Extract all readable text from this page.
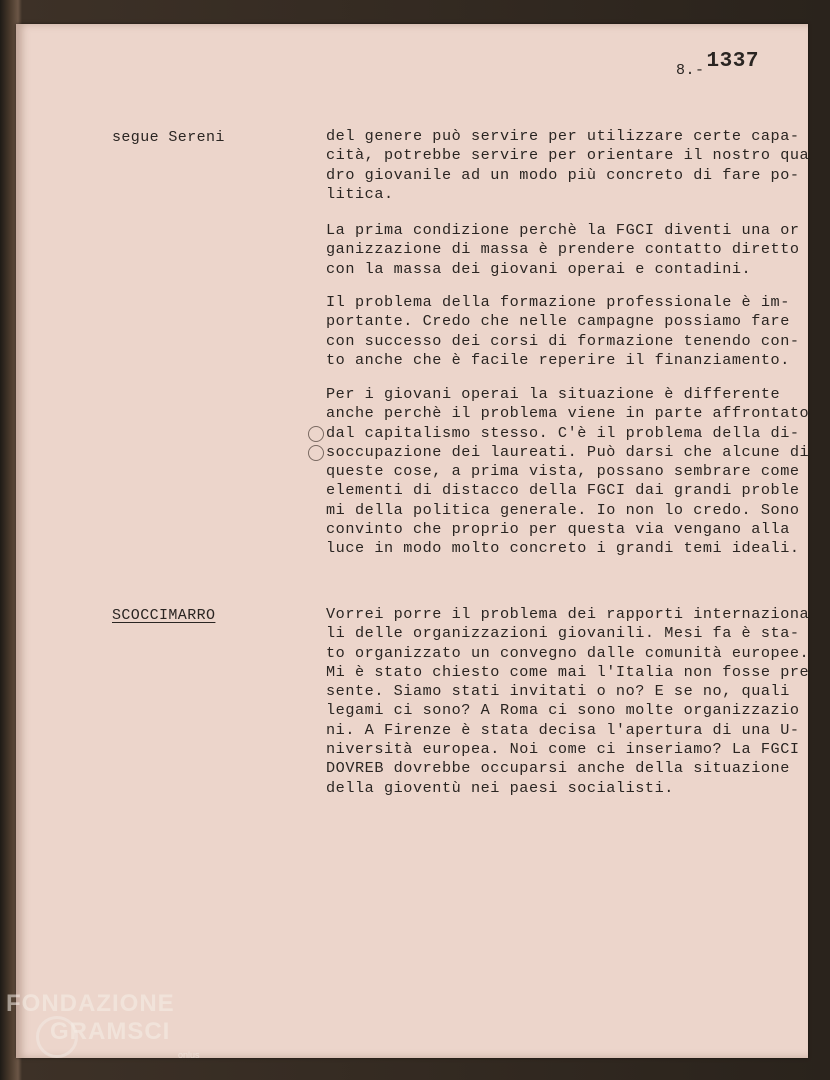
8.-1337
segue Sereni	del genere può servire per utilizzare certe capa-
cità, potrebbe servire per orientare il nostro qua
dro giovanile ad un modo più concreto di fare po-
litica.
La prima condizione perchè la FGCI diventi una or
ganizzazione di massa è prendere contatto diretto
con la massa dei giovani operai e contadini.
Il problema della formazione professionale è im-
portante. Credo che nelle campagne possiamo fare
con successo dei corsi di formazione tenendo con-
to anche che è facile reperire il finanziamento.
Per i giovani operai la situazione è differente
anche perchè il problema viene in parte affrontato
dal capitalismo stesso. C'è il problema della di-
soccupazione dei laureati. Può darsi che alcune di
queste cose, a prima vista, possano sembrare come
elementi di distacco della FGCI dai grandi proble
mi della politica generale. Io non lo credo. Sono
convinto che proprio per questa via vengano alla
luce in modo molto concreto i grandi temi ideali.
SCOCCIMARRO	Vorrei porre il problema dei rapporti internaziona
li delle organizzazioni giovanili. Mesi fa è sta-
to organizzato un convegno dalle comunità europee.
Mi è stato chiesto come mai l'Italia non fosse pre
sente. Siamo stati invitati o no? E se no, quali
legami ci sono? A Roma ci sono molte organizzazio
ni. A Firenze è stata decisa l'apertura di una U-
niversità europea. Noi come ci inseriamo? La FGCI
DOVREB dovrebbe occuparsi anche della situazione
della gioventù nei paesi socialisti.
FONDAZIONE
GRAMSCI
onlus
